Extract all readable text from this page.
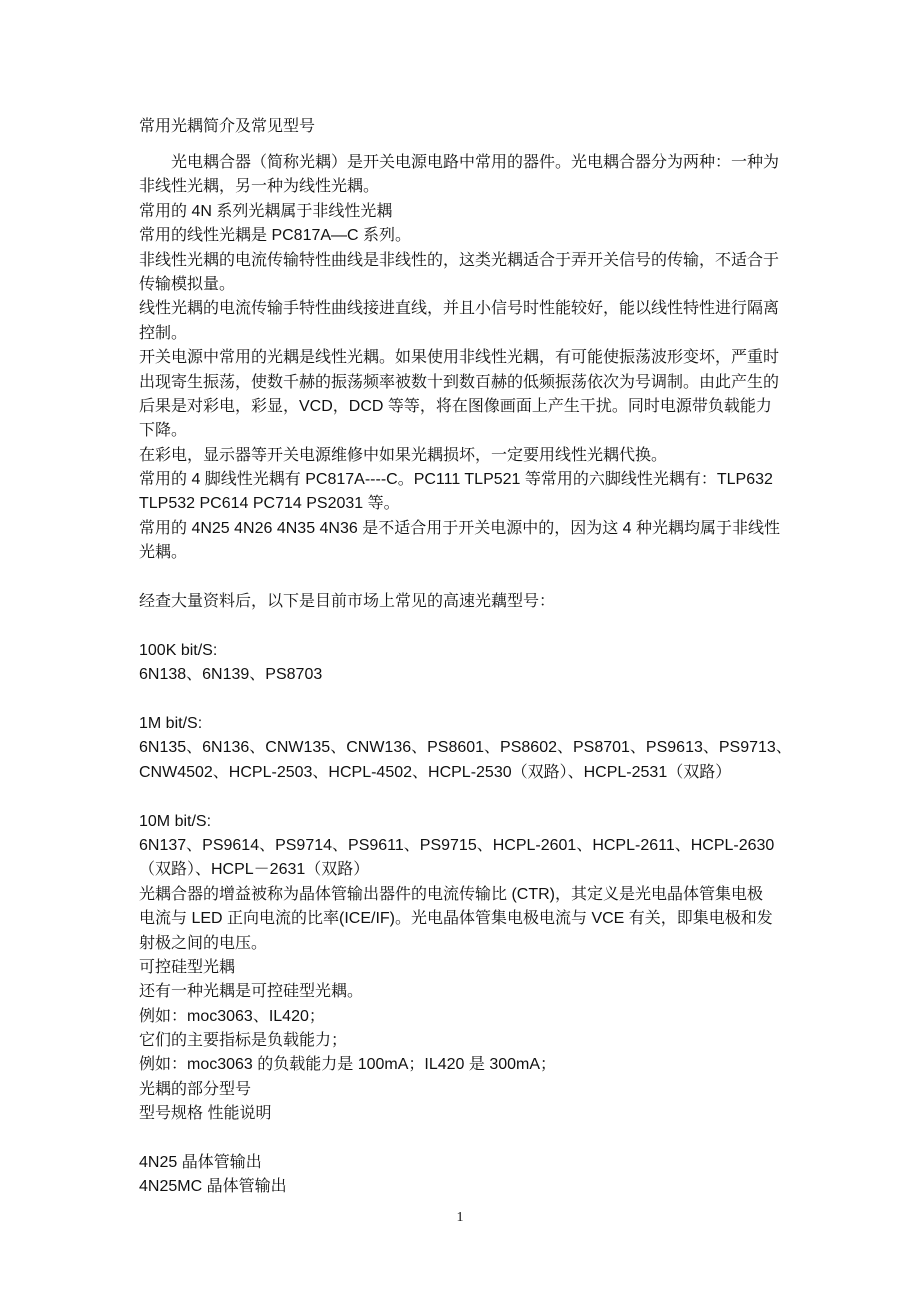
常用光耦简介及常见型号
光电耦合器（简称光耦）是开关电源电路中常用的器件。光电耦合器分为两种：一种为
非线性光耦，另一种为线性光耦。
常用的 4N 系列光耦属于非线性光耦
常用的线性光耦是 PC817A—C 系列。
非线性光耦的电流传输特性曲线是非线性的，这类光耦适合于弄开关信号的传输，不适合于
传输模拟量。
线性光耦的电流传输手特性曲线接进直线，并且小信号时性能较好，能以线性特性进行隔离
控制。
开关电源中常用的光耦是线性光耦。如果使用非线性光耦，有可能使振荡波形变坏，严重时
出现寄生振荡，使数千赫的振荡频率被数十到数百赫的低频振荡依次为号调制。由此产生的
后果是对彩电，彩显，VCD，DCD 等等，将在图像画面上产生干扰。同时电源带负载能力
下降。
在彩电，显示器等开关电源维修中如果光耦损坏，一定要用线性光耦代换。
常用的 4 脚线性光耦有 PC817A----C。PC111 TLP521 等常用的六脚线性光耦有：TLP632
TLP532 PC614 PC714 PS2031 等。
常用的 4N25 4N26 4N35 4N36 是不适合用于开关电源中的，因为这 4 种光耦均属于非线性
光耦。
经查大量资料后，以下是目前市场上常见的高速光藕型号：
100K bit/S:
6N138、6N139、PS8703
1M bit/S:
6N135、6N136、CNW135、CNW136、PS8601、PS8602、PS8701、PS9613、PS9713、
CNW4502、HCPL-2503、HCPL-4502、HCPL-2530（双路）、HCPL-2531（双路）
10M bit/S:
6N137、PS9614、PS9714、PS9611、PS9715、HCPL-2601、HCPL-2611、HCPL-2630
（双路）、HCPL－2631（双路）
光耦合器的增益被称为晶体管输出器件的电流传输比 (CTR)，其定义是光电晶体管集电极
电流与 LED 正向电流的比率(ICE/IF)。光电晶体管集电极电流与 VCE 有关，即集电极和发
射极之间的电压。
可控硅型光耦
还有一种光耦是可控硅型光耦。
例如：moc3063、IL420；
它们的主要指标是负载能力；
例如：moc3063 的负载能力是 100mA；IL420 是 300mA；
光耦的部分型号
型号规格 性能说明
4N25 晶体管输出
4N25MC 晶体管输出
1
